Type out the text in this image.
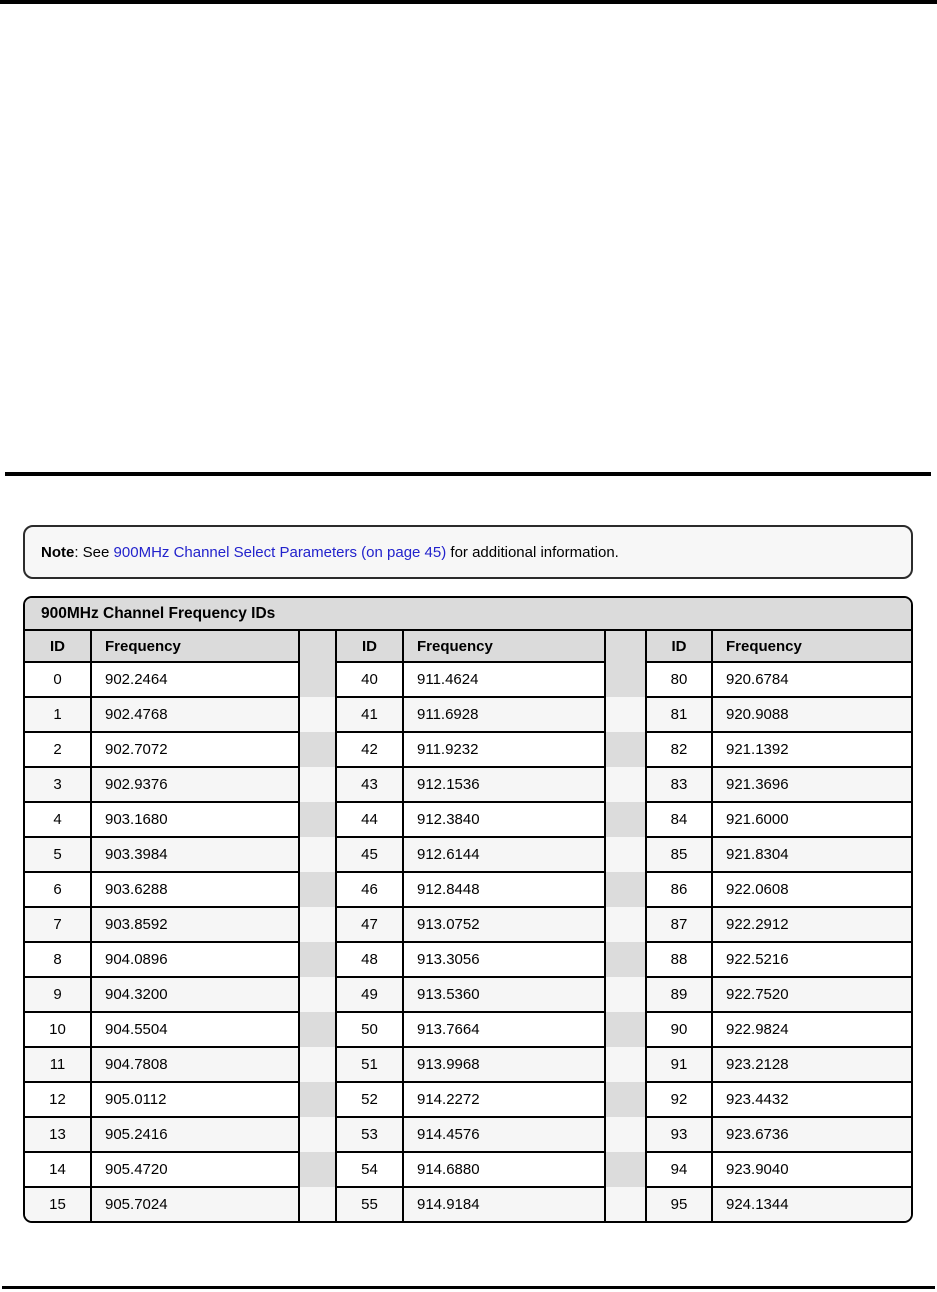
Note : See 900MHz Channel Select Parameters (on page 45) for additional information.
900MHz Channel Frequency IDs
ID	Frequency		ID	Frequency		ID	Frequency
0	902.2464		40	911.4624		80	920.6784
1	902.4768		41	911.6928		81	920.9088
2	902.7072		42	911.9232		82	921.1392
3	902.9376		43	912.1536		83	921.3696
4	903.1680		44	912.3840		84	921.6000
5	903.3984		45	912.6144		85	921.8304
6	903.6288		46	912.8448		86	922.0608
7	903.8592		47	913.0752		87	922.2912
8	904.0896		48	913.3056		88	922.5216
9	904.3200		49	913.5360		89	922.7520
10	904.5504		50	913.7664		90	922.9824
11	904.7808		51	913.9968		91	923.2128
12	905.0112		52	914.2272		92	923.4432
13	905.2416		53	914.4576		93	923.6736
14	905.4720		54	914.6880		94	923.9040
15	905.7024		55	914.9184		95	924.1344
